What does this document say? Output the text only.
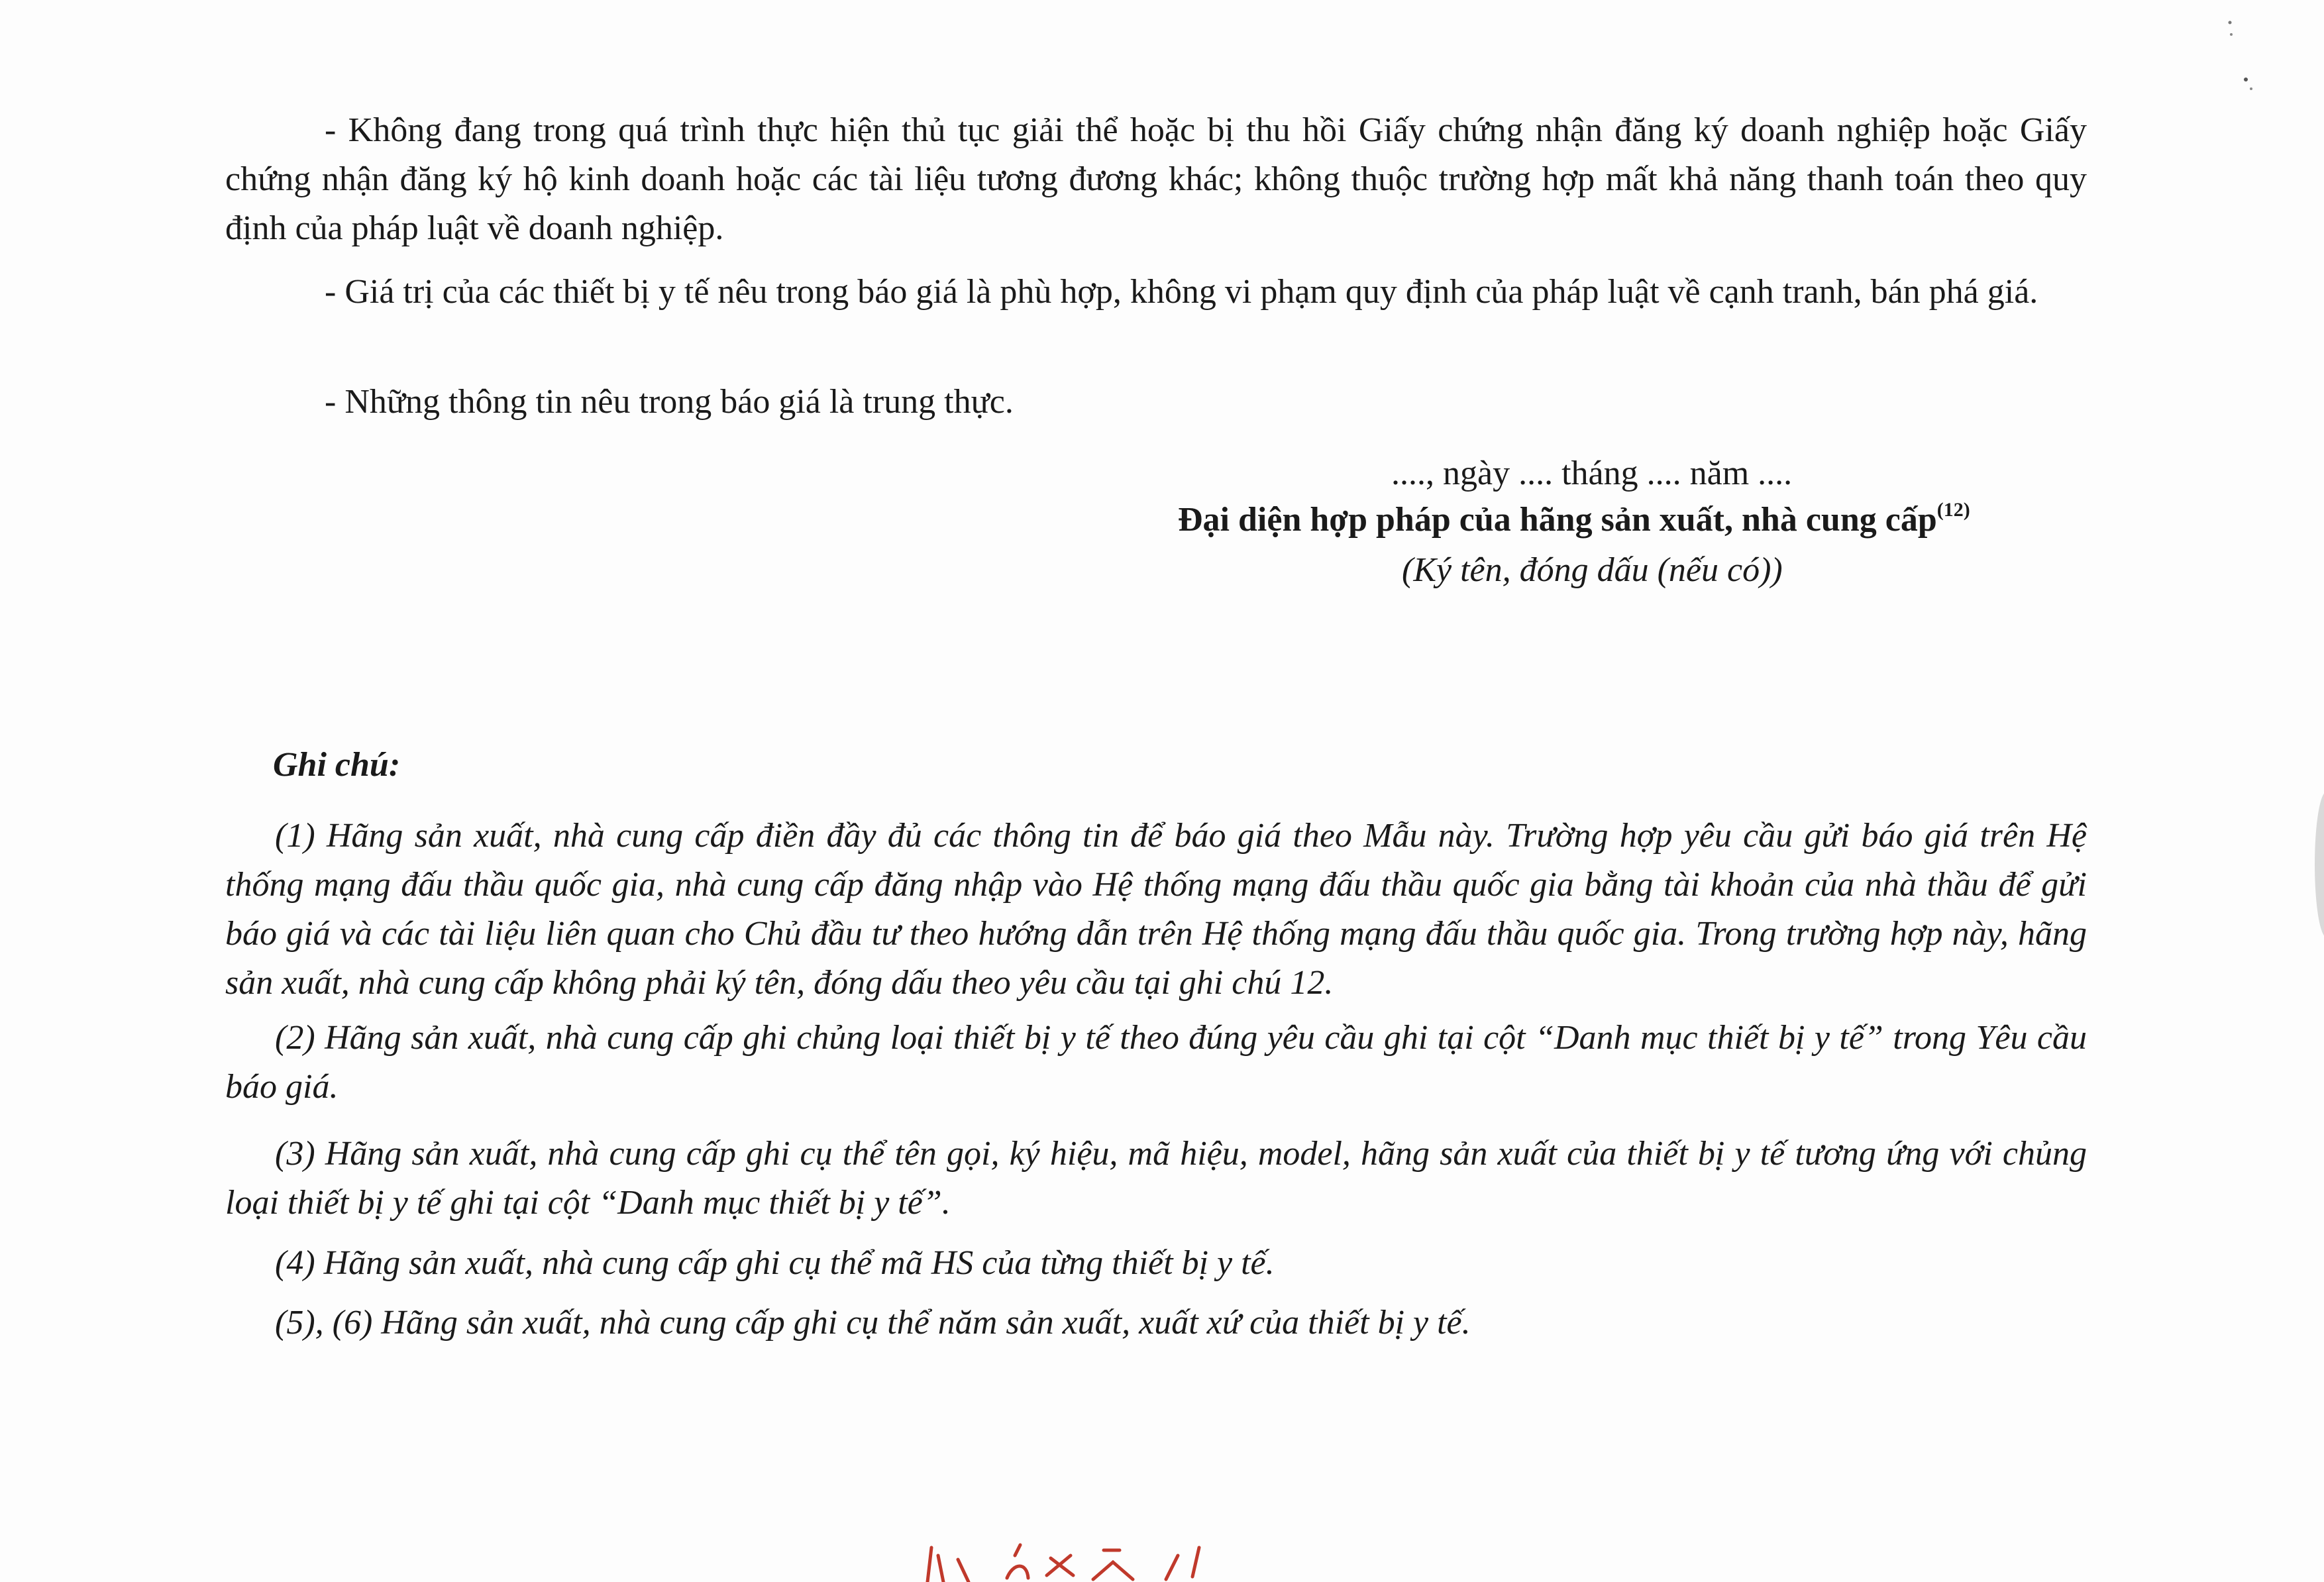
- Không đang trong quá trình thực hiện thủ tục giải thể hoặc bị thu hồi Giấy chứng nhận đăng ký doanh nghiệp hoặc Giấy chứng nhận đăng ký hộ kinh doanh hoặc các tài liệu tương đương khác; không thuộc trường hợp mất khả năng thanh toán theo quy định của pháp luật về doanh nghiệp.

- Giá trị của các thiết bị y tế nêu trong báo giá là phù hợp, không vi phạm quy định của pháp luật về cạnh tranh, bán phá giá.

- Những thông tin nêu trong báo giá là trung thực.

...., ngày .... tháng .... năm ....
Đại diện hợp pháp của hãng sản xuất, nhà cung cấp$^{(12)}$
(Ký tên, đóng dấu (nếu có))
Ghi chú:

(1) Hãng sản xuất, nhà cung cấp điền đầy đủ các thông tin để báo giá theo Mẫu này. Trường hợp yêu cầu gửi báo giá trên Hệ thống mạng đấu thầu quốc gia, nhà cung cấp đăng nhập vào Hệ thống mạng đấu thầu quốc gia bằng tài khoản của nhà thầu để gửi báo giá và các tài liệu liên quan cho Chủ đầu tư theo hướng dẫn trên Hệ thống mạng đấu thầu quốc gia. Trong trường hợp này, hãng sản xuất, nhà cung cấp không phải ký tên, đóng dấu theo yêu cầu tại ghi chú 12.

(2) Hãng sản xuất, nhà cung cấp ghi chủng loại thiết bị y tế theo đúng yêu cầu ghi tại cột “Danh mục thiết bị y tế” trong Yêu cầu báo giá.

(3) Hãng sản xuất, nhà cung cấp ghi cụ thể tên gọi, ký hiệu, mã hiệu, model, hãng sản xuất của thiết bị y tế tương ứng với chủng loại thiết bị y tế ghi tại cột “Danh mục thiết bị y tế”.

(4) Hãng sản xuất, nhà cung cấp ghi cụ thể mã HS của từng thiết bị y tế.

(5), (6) Hãng sản xuất, nhà cung cấp ghi cụ thể năm sản xuất, xuất xứ của thiết bị y tế.
